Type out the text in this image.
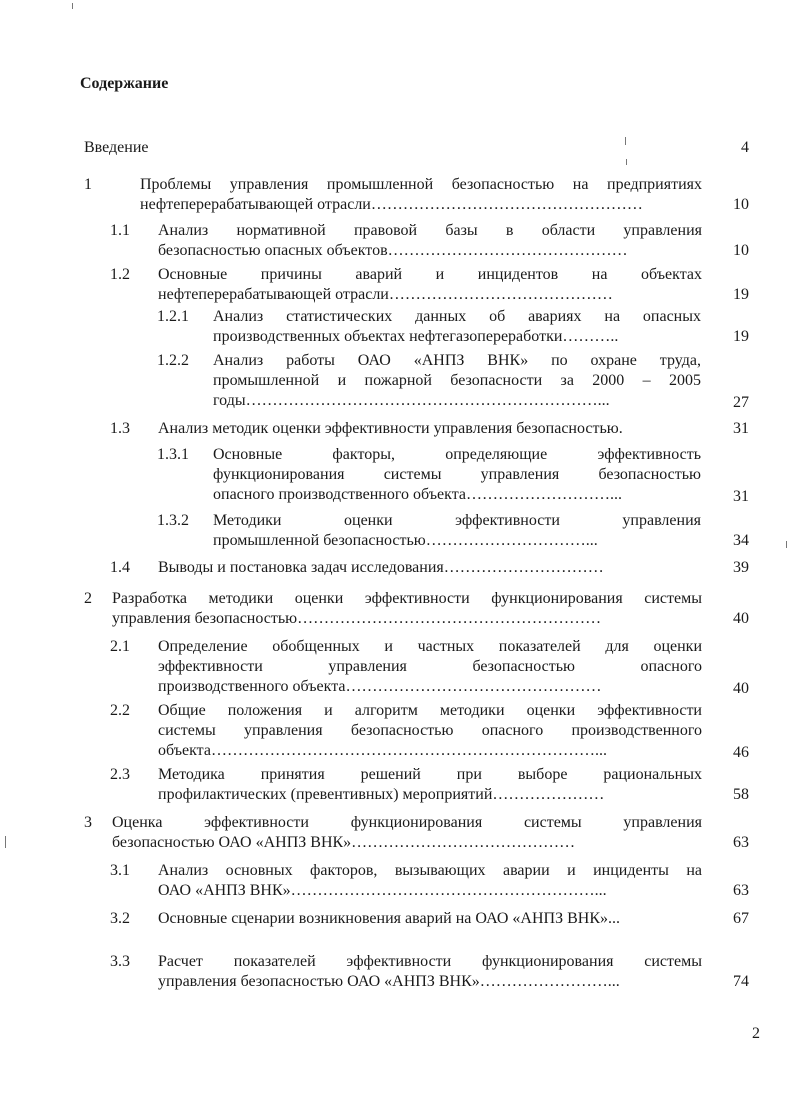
Содержание
Введение	4
1	Проблемы управления промышленной безопасностью на предприятиях
нефтеперерабатывающей отрасли……………………………………………	10
1.1 Анализ нормативной правовой базы в области управления
безопасностью опасных объектов………………………………………	10
1.2 Основные причины аварий и инцидентов на объектах
нефтеперерабатывающей отрасли……………………………………	19
1.2.1 Анализ статистических данных об авариях на опасных
производственных объектах нефтегазопереработки………..	19
1.2.2 Анализ работы ОАО «АНПЗ ВНК» по охране труда,
промышленной и пожарной безопасности за 2000 – 2005
годы…………………………………………………………...	27
1.3 Анализ методик оценки эффективности управления безопасностью.	31
1.3.1 Основные факторы, определяющие эффективность
функционирования системы управления безопасностью
опасного производственного объекта………………………...	31
1.3.2 Методики оценки эффективности управления
промышленной безопасностью…………………………...	34
1.4 Выводы и постановка задач исследования…………………………	39
2 Разработка методики оценки эффективности функционирования системы
управления безопасностью…………………………………………………	40
2.1 Определение обобщенных и частных показателей для оценки
эффективности управления безопасностью опасного
производственного объекта…………………………………………	40
2.2 Общие положения и алгоритм методики оценки эффективности
системы управления безопасностью опасного производственного
объекта………………………………………………………………...	46
2.3 Методика принятия решений при выборе рациональных
профилактических (превентивных) мероприятий…………………	58
3 Оценка эффективности функционирования системы управления
безопасностью ОАО «АНПЗ ВНК»……………………………………	63
3.1 Анализ основных факторов, вызывающих аварии и инциденты на
ОАО «АНПЗ ВНК»…………………………………………………...	63
3.2 Основные сценарии возникновения аварий на ОАО «АНПЗ ВНК»...	67
3.3 Расчет показателей эффективности функционирования системы
управления безопасностью ОАО «АНПЗ ВНК»……………………...	74
2
